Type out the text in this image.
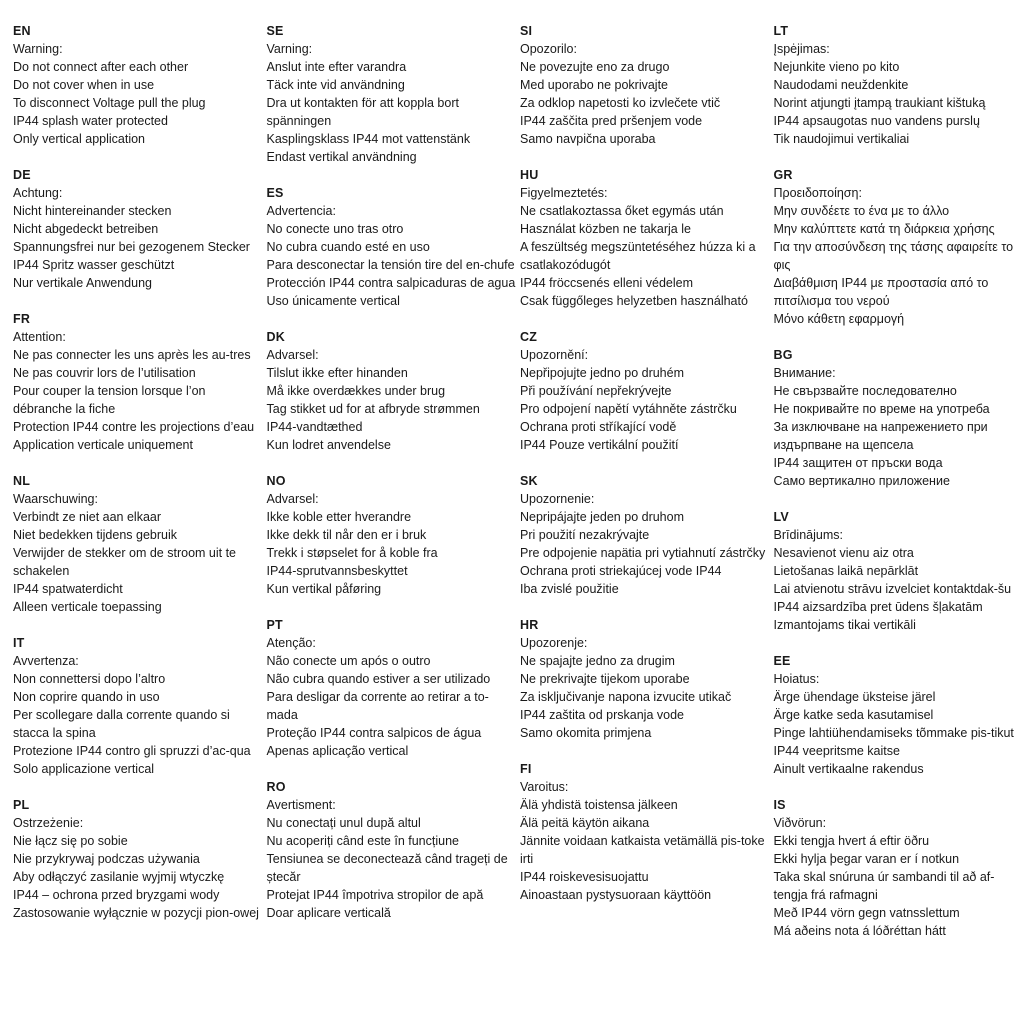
EN
Warning:
Do not connect after each other
Do not cover when in use
To disconnect Voltage pull the plug
IP44 splash water protected
Only vertical application
DE
Achtung:
Nicht hintereinander stecken
Nicht abgedeckt betreiben
Spannungsfrei nur bei gezogenem Stecker
IP44 Spritz wasser geschützt
Nur vertikale Anwendung
FR
Attention:
Ne pas connecter les uns après les au-tres
Ne pas couvrir lors de l’utilisation
Pour couper la tension lorsque l’on débranche la fiche
Protection IP44 contre les projections d’eau
Application verticale uniquement
NL
Waarschuwing:
Verbindt ze niet aan elkaar
Niet bedekken tijdens gebruik
Verwijder de stekker om de stroom uit te schakelen
IP44 spatwaterdicht
Alleen verticale toepassing
IT
Avvertenza:
Non connettersi dopo l’altro
Non coprire quando in uso
Per scollegare dalla corrente quando si stacca la spina
Protezione IP44 contro gli spruzzi d’ac-qua
Solo applicazione vertical
PL
Ostrzeżenie:
Nie łącz się po sobie
Nie przykrywaj podczas używania
Aby odłączyć zasilanie wyjmij wtyczkę
IP44 – ochrona przed bryzgami wody
Zastosowanie wyłącznie w pozycji pion-owej
SE
Varning:
Anslut inte efter varandra
Täck inte vid användning
Dra ut kontakten för att koppla bort spänningen
Kasplingsklass IP44 mot vattenstänk
Endast vertikal användning
ES
Advertencia:
No conecte uno tras otro
No cubra cuando esté en uso
Para desconectar la tensión tire del en-chufe
Protección IP44 contra salpicaduras de agua Uso únicamente vertical
DK
Advarsel:
Tilslut ikke efter hinanden
Må ikke overdækkes under brug
Tag stikket ud for at afbryde strømmen
IP44-vandtæthed
Kun lodret anvendelse
NO
Advarsel:
Ikke koble etter hverandre
Ikke dekk til når den er i bruk
Trekk i støpselet for å koble fra
IP44-sprutvannsbeskyttet
Kun vertikal påføring
PT
Atenção:
Não conecte um após o outro
Não cubra quando estiver a ser utilizado
Para desligar da corrente ao retirar a to-mada
Proteção IP44 contra salpicos de água
Apenas aplicação vertical
RO
Avertisment:
Nu conectați unul după altul
Nu acoperiți când este în funcțiune
Tensiunea se deconectează când trageți de ștecăr
Protejat IP44 împotriva stropilor de apă
Doar aplicare verticală
SI
Opozorilo:
Ne povezujte eno za drugo
Med uporabo ne pokrivajte
Za odklop napetosti ko izvlečete vtič
IP44 zaščita pred pršenjem vode
Samo navpična uporaba
HU
Figyelmeztetés:
Ne csatlakoztassa őket egymás után
Használat közben ne takarja le
A feszültség megszüntetéséhez húzza ki a csatlakozódugót
IP44 fröccsenés elleni védelem
Csak függőleges helyzetben használható
CZ
Upozornění:
Nepřipojujte jedno po druhém
Při používání nepřekrývejte
Pro odpojení napětí vytáhněte zástrčku
Ochrana proti stříkající vodě
IP44 Pouze vertikální použití
SK
Upozornenie:
Nepripájajte jeden po druhom
Pri použití nezakrývajte
Pre odpojenie napätia pri vytiahnutí zástrčky
Ochrana proti striekajúcej vode IP44
Iba zvislé použitie
HR
Upozorenje:
Ne spajajte jedno za drugim
Ne prekrivajte tijekom uporabe
Za isključivanje napona izvucite utikač
IP44 zaštita od prskanja vode
Samo okomita primjena
FI
Varoitus:
Älä yhdistä toistensa jälkeen
Älä peitä käytön aikana
Jännite voidaan katkaista vetämällä pis-toke irti
IP44 roiskevesisuojattu
Ainoastaan pystysuoraan käyttöön
LT
Įspėjimas:
Nejunkite vieno po kito
Naudodami neuždenkite
Norint atjungti įtampą traukiant kištuką
IP44 apsaugotas nuo vandens purslų
Tik naudojimui vertikaliai
GR
Προειδοποίηση:
Μην συνδέετε το ένα με το άλλο
Μην καλύπτετε κατά τη διάρκεια χρήσης
Για την αποσύνδεση της τάσης αφαιρείτε το φις
Διαβάθμιση IP44 με προστασία από το πιτσίλισμα του νερού
Μόνο κάθετη εφαρμογή
BG
Внимание:
Не свързвайте последователно
Не покривайте по време на употреба
За изключване на напрежението при издърпване на щепсела
IP44 защитен от пръски вода
Само вертикално приложение
LV
Brīdinājums:
Nesavienot vienu aiz otra
Lietošanas laikā nepārklāt
Lai atvienotu strāvu izvelciet kontaktdak-šu
IP44 aizsardzība pret ūdens šļakatām
Izmantojams tikai vertikāli
EE
Hoiatus:
Ärge ühendage üksteise järel
Ärge katke seda kasutamisel
Pinge lahtiühendamiseks tõmmake pis-tikut
IP44 veepritsme kaitse
Ainult vertikaalne rakendus
IS
Viðvörun:
Ekki tengja hvert á eftir öðru
Ekki hylja þegar varan er í notkun
Taka skal snúruna úr sambandi til að af-tengja frá rafmagni
Með IP44 vörn gegn vatnsslettum
Má aðeins nota á lóðréttan hátt
